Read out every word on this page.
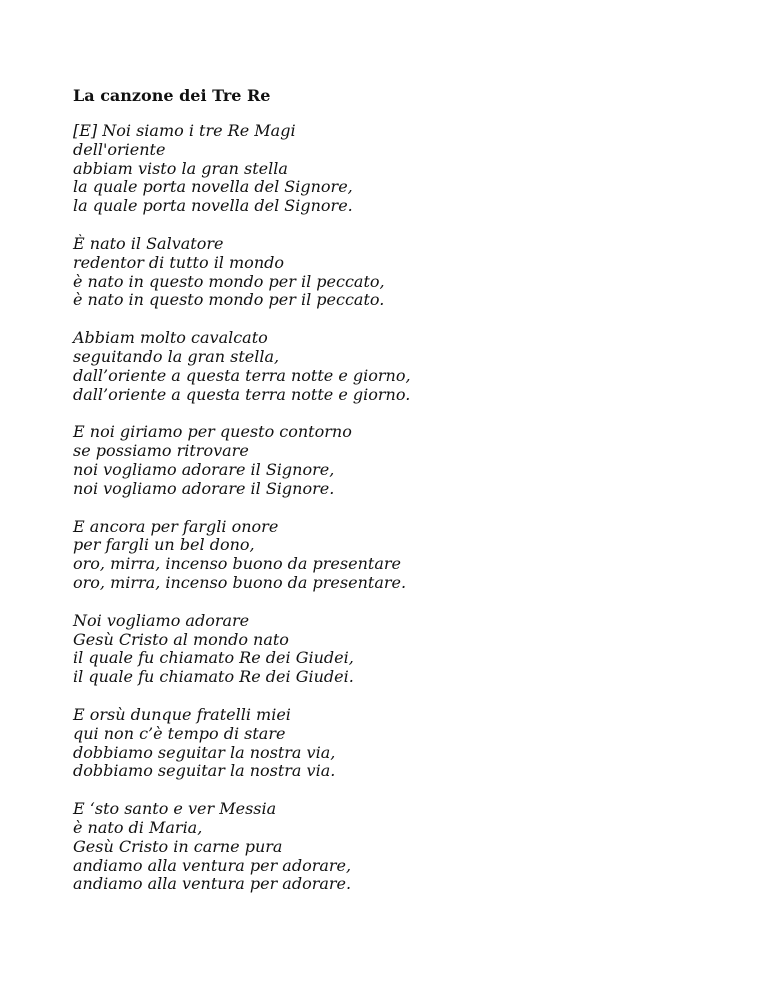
La canzone dei Tre Re
[E] Noi siamo i tre Re Magi
dell'oriente
abbiam visto la gran stella
la quale porta novella del Signore,
la quale porta novella del Signore.
È nato il Salvatore
redentor di tutto il mondo
è nato in questo mondo per il peccato,
è nato in questo mondo per il peccato.
Abbiam molto cavalcato
seguitando la gran stella,
dall’oriente a questa terra notte e giorno,
dall’oriente a questa terra notte e giorno.
E noi giriamo per questo contorno
se possiamo ritrovare
noi vogliamo adorare il Signore,
noi vogliamo adorare il Signore.
E ancora per fargli onore
per fargli un bel dono,
oro, mirra, incenso buono da presentare
oro, mirra, incenso buono da presentare.
Noi vogliamo adorare
Gesù Cristo al mondo nato
il quale fu chiamato Re dei Giudei,
il quale fu chiamato Re dei Giudei.
E orsù dunque fratelli miei
qui non c’è tempo di stare
dobbiamo seguitar la nostra via,
dobbiamo seguitar la nostra via.
E ‘sto santo e ver Messia
è nato di Maria,
Gesù Cristo in carne pura
andiamo alla ventura per adorare,
andiamo alla ventura per adorare.
